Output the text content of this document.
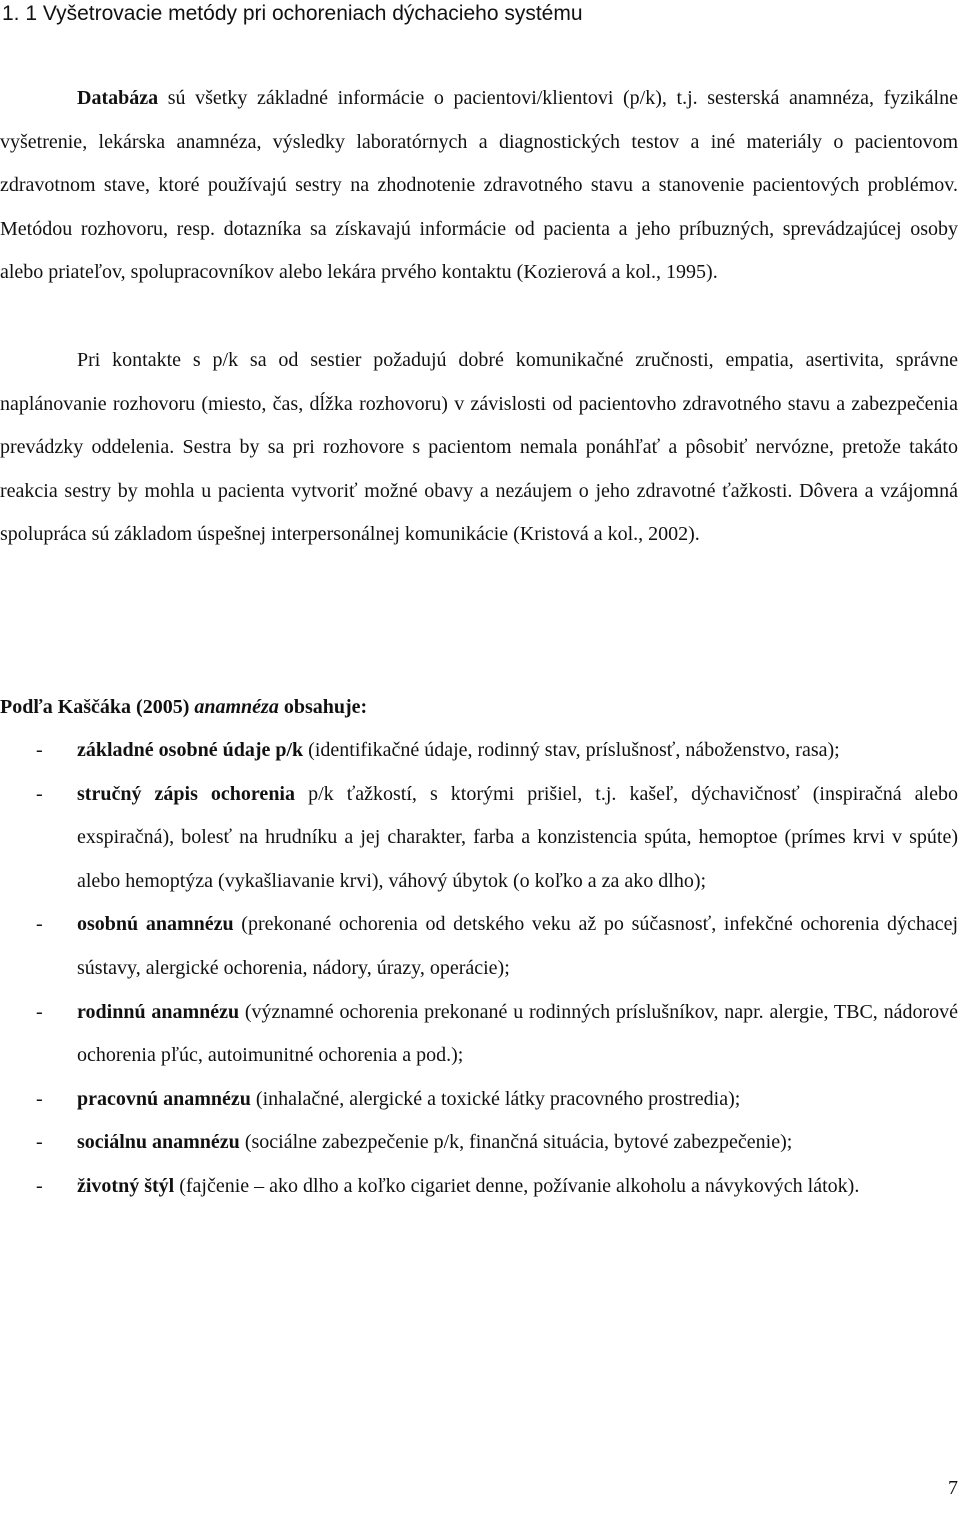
1. 1 Vyšetrovacie metódy pri ochoreniach dýchacieho systému

Databáza sú všetky základné informácie o pacientovi/klientovi (p/k), t.j. sesterská anamnéza, fyzikálne vyšetrenie, lekárska anamnéza, výsledky laboratórnych a diagnostických testov a iné materiály o pacientovom zdravotnom stave, ktoré používajú sestry na zhodnotenie zdravotného stavu a stanovenie pacientových problémov. Metódou rozhovoru, resp. dotazníka sa získavajú informácie od pacienta a jeho príbuzných, sprevádzajúcej osoby alebo priateľov, spolupracovníkov alebo lekára prvého kontaktu (Kozierová a kol., 1995).

Pri kontakte s p/k sa od sestier požadujú dobré komunikačné zručnosti, empatia, asertivita, správne naplánovanie rozhovoru (miesto, čas, dĺžka rozhovoru) v závislosti od pacientovho zdravotného stavu a zabezpečenia prevádzky oddelenia. Sestra by sa pri rozhovore s pacientom nemala ponáhľať a pôsobiť nervózne, pretože takáto reakcia sestry by mohla u pacienta vytvoriť možné obavy a nezáujem o jeho zdravotné ťažkosti. Dôvera a vzájomná spolupráca sú základom úspešnej interpersonálnej komunikácie (Kristová a kol., 2002).

Podľa Kaščáka (2005) anamnéza obsahuje:

- základné osobné údaje p/k (identifikačné údaje, rodinný stav, príslušnosť, náboženstvo, rasa);
- stručný zápis ochorenia p/k ťažkostí, s ktorými prišiel, t.j. kašeľ, dýchavičnosť (inspiračná alebo exspiračná), bolesť na hrudníku a jej charakter, farba a konzistencia spúta, hemoptoe (prímes krvi v spúte) alebo hemoptýza (vykašliavanie krvi), váhový úbytok (o koľko a za ako dlho);
- osobnú anamnézu (prekonané ochorenia od detského veku až po súčasnosť, infekčné ochorenia dýchacej sústavy, alergické ochorenia, nádory, úrazy, operácie);
- rodinnú anamnézu (významné ochorenia prekonané u rodinných príslušníkov, napr. alergie, TBC, nádorové ochorenia pľúc, autoimunitné ochorenia a pod.);
- pracovnú anamnézu (inhalačné, alergické a toxické látky pracovného prostredia);
- sociálnu anamnézu (sociálne zabezpečenie p/k, finančná situácia, bytové zabezpečenie);
- životný štýl (fajčenie – ako dlho a koľko cigariet denne, požívanie alkoholu a návykových látok).
7
